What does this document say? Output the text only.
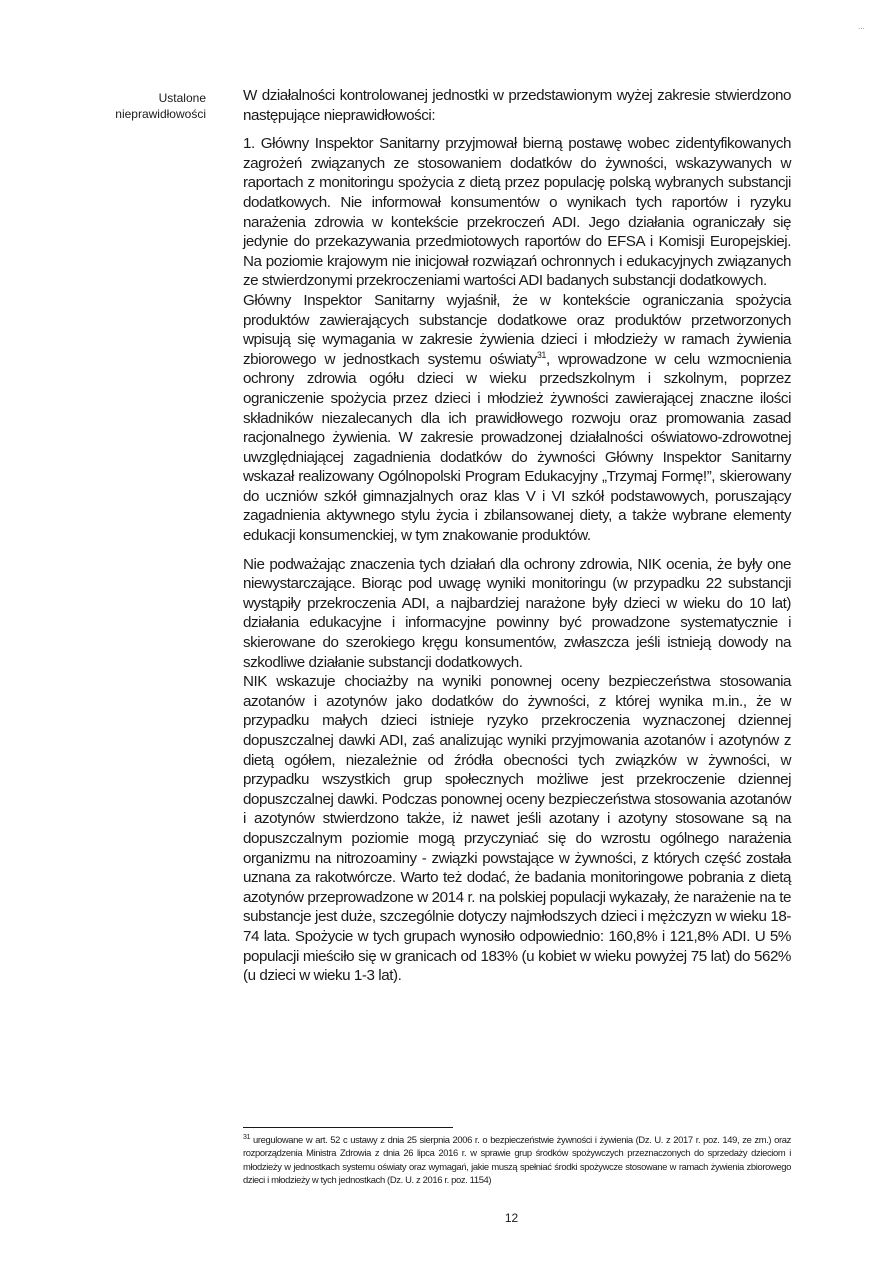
...
Ustalone
nieprawidłowości

W działalności kontrolowanej jednostki w przedstawionym wyżej zakresie stwierdzono następujące nieprawidłowości:

1. Główny Inspektor Sanitarny przyjmował bierną postawę wobec zidentyfikowanych zagrożeń związanych ze stosowaniem dodatków do żywności, wskazywanych w raportach z monitoringu spożycia z dietą przez populację polską wybranych substancji dodatkowych. Nie informował konsumentów o wynikach tych raportów i ryzyku narażenia zdrowia w kontekście przekroczeń ADI. Jego działania ograniczały się jedynie do przekazywania przedmiotowych raportów do EFSA i Komisji Europejskiej. Na poziomie krajowym nie inicjował rozwiązań ochronnych i edukacyjnych związanych ze stwierdzonymi przekroczeniami wartości ADI badanych substancji dodatkowych.

Główny Inspektor Sanitarny wyjaśnił, że w kontekście ograniczania spożycia produktów zawierających substancje dodatkowe oraz produktów przetworzonych wpisują się wymagania w zakresie żywienia dzieci i młodzieży w ramach żywienia zbiorowego w jednostkach systemu oświaty$^{31}$, wprowadzone w celu wzmocnienia ochrony zdrowia ogółu dzieci w wieku przedszkolnym i szkolnym, poprzez ograniczenie spożycia przez dzieci i młodzież żywności zawierającej znaczne ilości składników niezalecanych dla ich prawidłowego rozwoju oraz promowania zasad racjonalnego żywienia. W zakresie prowadzonej działalności oświatowo-zdrowotnej uwzględniającej zagadnienia dodatków do żywności Główny Inspektor Sanitarny wskazał realizowany Ogólnopolski Program Edukacyjny „Trzymaj Formę!”, skierowany do uczniów szkół gimnazjalnych oraz klas V i VI szkół podstawowych, poruszający zagadnienia aktywnego stylu życia i zbilansowanej diety, a także wybrane elementy edukacji konsumenckiej, w tym znakowanie produktów.

Nie podważając znaczenia tych działań dla ochrony zdrowia, NIK ocenia, że były one niewystarczające. Biorąc pod uwagę wyniki monitoringu (w przypadku 22 substancji wystąpiły przekroczenia ADI, a najbardziej narażone były dzieci w wieku do 10 lat) działania edukacyjne i informacyjne powinny być prowadzone systematycznie i skierowane do szerokiego kręgu konsumentów, zwłaszcza jeśli istnieją dowody na szkodliwe działanie substancji dodatkowych.

NIK wskazuje chociażby na wyniki ponownej oceny bezpieczeństwa stosowania azotanów i azotynów jako dodatków do żywności, z której wynika m.in., że w przypadku małych dzieci istnieje ryzyko przekroczenia wyznaczonej dziennej dopuszczalnej dawki ADI, zaś analizując wyniki przyjmowania azotanów i azotynów z dietą ogółem, niezależnie od źródła obecności tych związków w żywności, w przypadku wszystkich grup społecznych możliwe jest przekroczenie dziennej dopuszczalnej dawki. Podczas ponownej oceny bezpieczeństwa stosowania azotanów i azotynów stwierdzono także, iż nawet jeśli azotany i azotyny stosowane są na dopuszczalnym poziomie mogą przyczyniać się do wzrostu ogólnego narażenia organizmu na nitrozoaminy - związki powstające w żywności, z których część została uznana za rakotwórcze. Warto też dodać, że badania monitoringowe pobrania z dietą azotynów przeprowadzone w 2014 r. na polskiej populacji wykazały, że narażenie na te substancje jest duże, szczególnie dotyczy najmłodszych dzieci i mężczyzn w wieku 18-74 lata. Spożycie w tych grupach wynosiło odpowiednio: 160,8% i 121,8% ADI. U 5% populacji mieściło się w granicach od 183% (u kobiet w wieku powyżej 75 lat) do 562% (u dzieci w wieku 1-3 lat).

$^{31}$ uregulowane w art. 52 c ustawy z dnia 25 sierpnia 2006 r. o bezpieczeństwie żywności i żywienia (Dz. U. z 2017 r. poz. 149, ze zm.) oraz rozporządzenia Ministra Zdrowia z dnia 26 lipca 2016 r. w sprawie grup środków spożywczych przeznaczonych do sprzedaży dzieciom i młodzieży w jednostkach systemu oświaty oraz wymagań, jakie muszą spełniać środki spożywcze stosowane w ramach żywienia zbiorowego dzieci i młodzieży w tych jednostkach (Dz. U. z 2016 r. poz. 1154)
12
